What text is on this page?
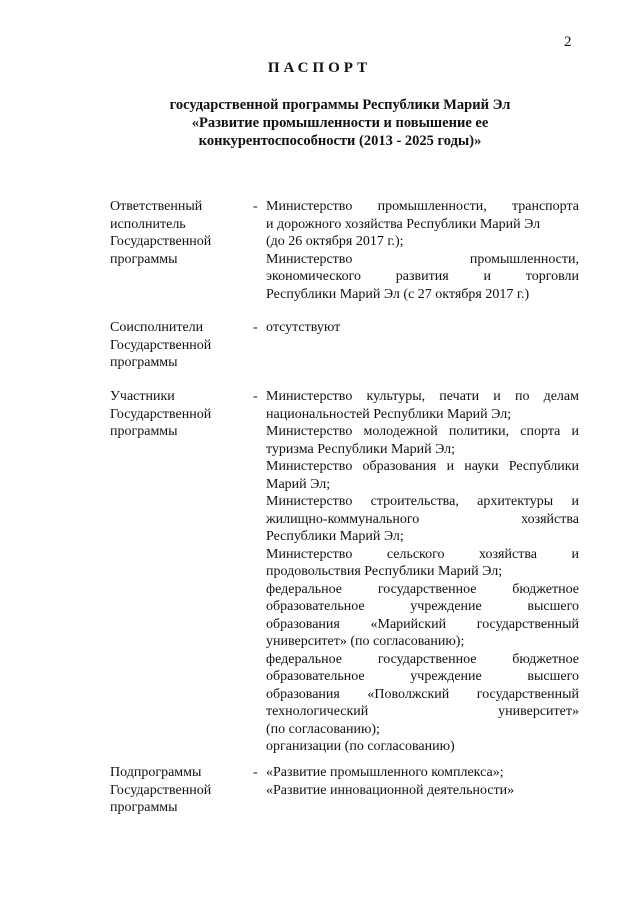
2
ПАСПОРТ
государственной программы Республики Марий Эл
«Развитие промышленности и повышение ее
конкурентоспособности (2013 - 2025 годы)»
Ответственный
исполнитель
Государственной
программы
- Министерство промышленности, транспорта
и дорожного хозяйства Республики Марий Эл
(до 26 октября 2017 г.);
Министерство промышленности,
экономического развития и торговли
Республики Марий Эл (с 27 октября 2017 г.)
Соисполнители
Государственной
программы
- отсутствуют
Участники
Государственной
программы
- Министерство культуры, печати и по делам
национальностей Республики Марий Эл;
Министерство молодежной политики, спорта и
туризма Республики Марий Эл;
Министерство образования и науки Республики
Марий Эл;
Министерство строительства, архитектуры и
жилищно-коммунального хозяйства
Республики Марий Эл;
Министерство сельского хозяйства и
продовольствия Республики Марий Эл;
федеральное государственное бюджетное
образовательное учреждение высшего
образования «Марийский государственный
университет» (по согласованию);
федеральное государственное бюджетное
образовательное учреждение высшего
образования «Поволжский государственный
технологический университет»
(по согласованию);
организации (по согласованию)
Подпрограммы
Государственной
программы
- «Развитие промышленного комплекса»;
«Развитие инновационной деятельности»
